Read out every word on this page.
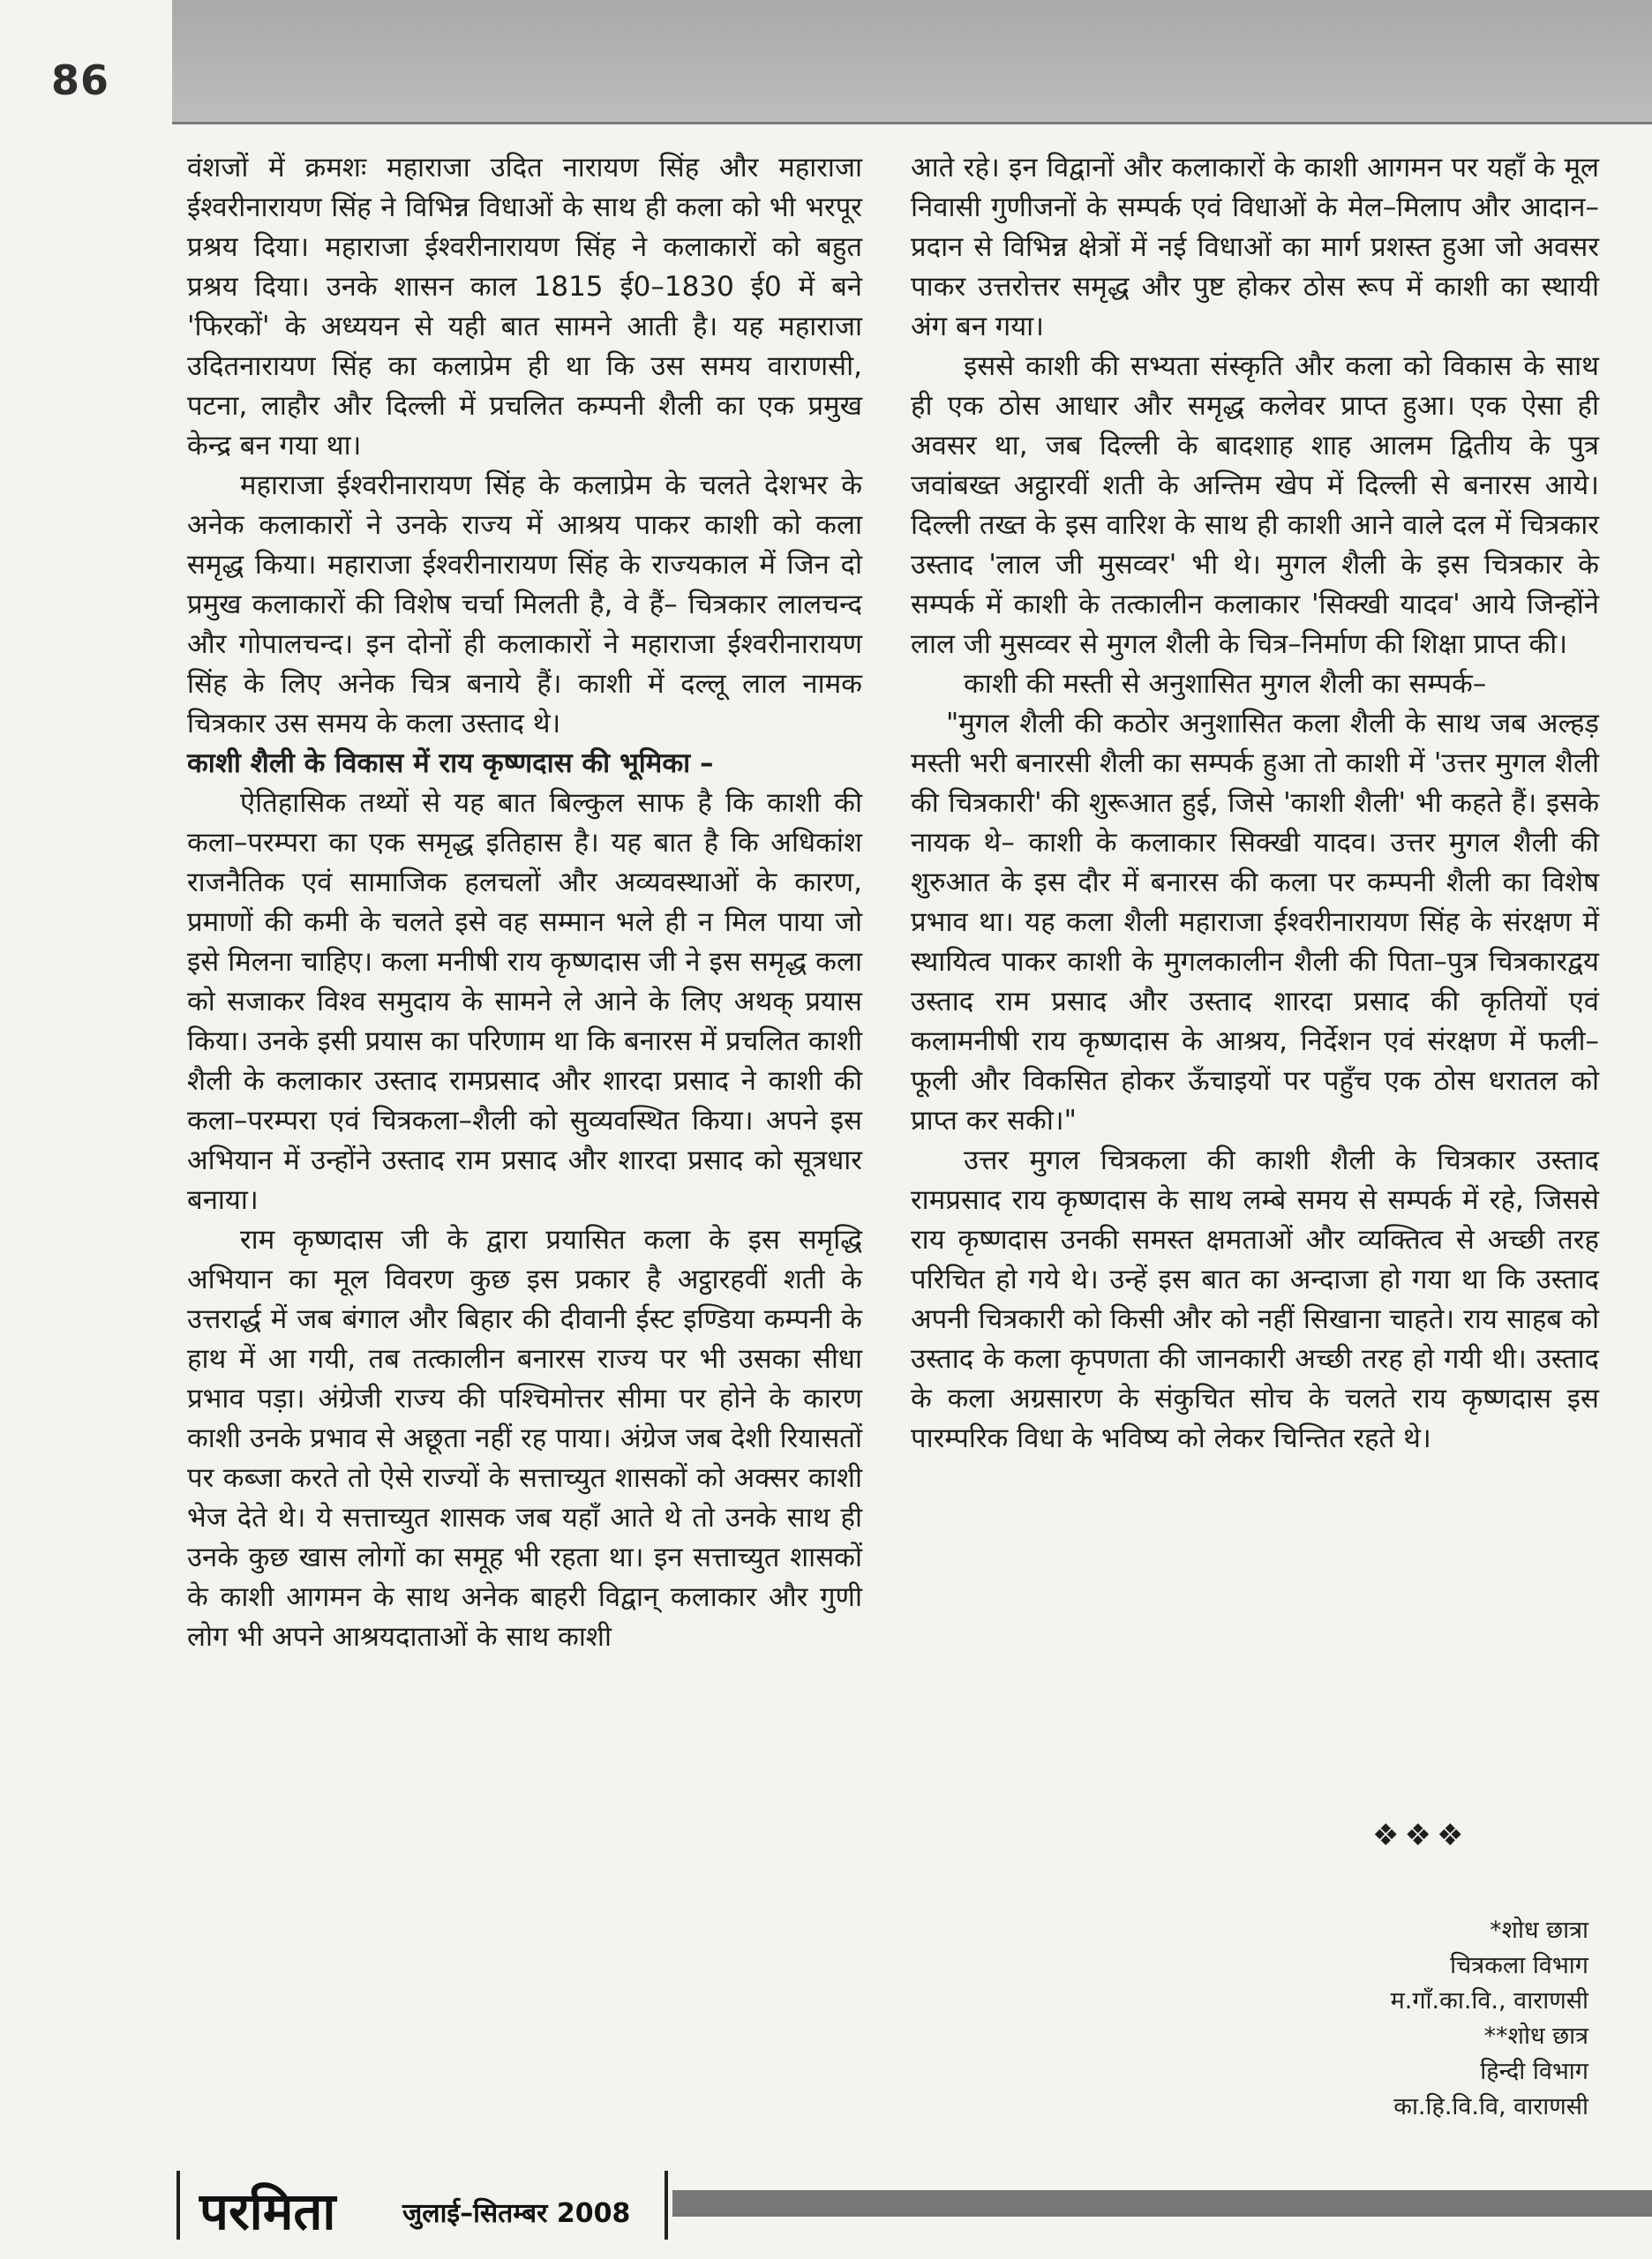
86

वंशजों में क्रमशः महाराजा उदित नारायण सिंह और महाराजा ईश्वरीनारायण सिंह ने विभिन्न विधाओं के साथ ही कला को भी भरपूर प्रश्रय दिया। महाराजा ईश्वरीनारायण सिंह ने कलाकारों को बहुत प्रश्रय दिया। उनके शासन काल 1815 ई0–1830 ई0 में बने 'फिरकों' के अध्ययन से यही बात सामने आती है। यह महाराजा उदितनारायण सिंह का कलाप्रेम ही था कि उस समय वाराणसी, पटना, लाहौर और दिल्ली में प्रचलित कम्पनी शैली का एक प्रमुख केन्द्र बन गया था।

महाराजा ईश्वरीनारायण सिंह के कलाप्रेम के चलते देशभर के अनेक कलाकारों ने उनके राज्य में आश्रय पाकर काशी को कला समृद्ध किया। महाराजा ईश्वरीनारायण सिंह के राज्यकाल में जिन दो प्रमुख कलाकारों की विशेष चर्चा मिलती है, वे हैं– चित्रकार लालचन्द और गोपालचन्द। इन दोनों ही कलाकारों ने महाराजा ईश्वरीनारायण सिंह के लिए अनेक चित्र बनाये हैं। काशी में दल्लू लाल नामक चित्रकार उस समय के कला उस्ताद थे।

काशी शैली के विकास में राय कृष्णदास की भूमिका –

ऐतिहासिक तथ्यों से यह बात बिल्कुल साफ है कि काशी की कला–परम्परा का एक समृद्ध इतिहास है। यह बात है कि अधिकांश राजनैतिक एवं सामाजिक हलचलों और अव्यवस्थाओं के कारण, प्रमाणों की कमी के चलते इसे वह सम्मान भले ही न मिल पाया जो इसे मिलना चाहिए। कला मनीषी राय कृष्णदास जी ने इस समृद्ध कला को सजाकर विश्व समुदाय के सामने ले आने के लिए अथक् प्रयास किया। उनके इसी प्रयास का परिणाम था कि बनारस में प्रचलित काशी शैली के कलाकार उस्ताद रामप्रसाद और शारदा प्रसाद ने काशी की कला–परम्परा एवं चित्रकला–शैली को सुव्यवस्थित किया। अपने इस अभियान में उन्होंने उस्ताद राम प्रसाद और शारदा प्रसाद को सूत्रधार बनाया।

राम कृष्णदास जी के द्वारा प्रयासित कला के इस समृद्धि अभियान का मूल विवरण कुछ इस प्रकार है अट्ठारहवीं शती के उत्तरार्द्ध में जब बंगाल और बिहार की दीवानी ईस्ट इण्डिया कम्पनी के हाथ में आ गयी, तब तत्कालीन बनारस राज्य पर भी उसका सीधा प्रभाव पड़ा। अंग्रेजी राज्य की पश्चिमोत्तर सीमा पर होने के कारण काशी उनके प्रभाव से अछूता नहीं रह पाया। अंग्रेज जब देशी रियासतों पर कब्जा करते तो ऐसे राज्यों के सत्ताच्युत शासकों को अक्सर काशी भेज देते थे। ये सत्ताच्युत शासक जब यहाँ आते थे तो उनके साथ ही उनके कुछ खास लोगों का समूह भी रहता था। इन सत्ताच्युत शासकों के काशी आगमन के साथ अनेक बाहरी विद्वान् कलाकार और गुणी लोग भी अपने आश्रयदाताओं के साथ काशी

आते रहे। इन विद्वानों और कलाकारों के काशी आगमन पर यहाँ के मूल निवासी गुणीजनों के सम्पर्क एवं विधाओं के मेल–मिलाप और आदान–प्रदान से विभिन्न क्षेत्रों में नई विधाओं का मार्ग प्रशस्त हुआ जो अवसर पाकर उत्तरोत्तर समृद्ध और पुष्ट होकर ठोस रूप में काशी का स्थायी अंग बन गया।

इससे काशी की सभ्यता संस्कृति और कला को विकास के साथ ही एक ठोस आधार और समृद्ध कलेवर प्राप्त हुआ। एक ऐसा ही अवसर था, जब दिल्ली के बादशाह शाह आलम द्वितीय के पुत्र जवांबख्त अट्ठारवीं शती के अन्तिम खेप में दिल्ली से बनारस आये। दिल्ली तख्त के इस वारिश के साथ ही काशी आने वाले दल में चित्रकार उस्ताद 'लाल जी मुसव्वर' भी थे। मुगल शैली के इस चित्रकार के सम्पर्क में काशी के तत्कालीन कलाकार 'सिक्खी यादव' आये जिन्होंने लाल जी मुसव्वर से मुगल शैली के चित्र–निर्माण की शिक्षा प्राप्त की।

काशी की मस्ती से अनुशासित मुगल शैली का सम्पर्क–

"मुगल शैली की कठोर अनुशासित कला शैली के साथ जब अल्हड़ मस्ती भरी बनारसी शैली का सम्पर्क हुआ तो काशी में 'उत्तर मुगल शैली की चित्रकारी' की शुरूआत हुई, जिसे 'काशी शैली' भी कहते हैं। इसके नायक थे– काशी के कलाकार सिक्खी यादव। उत्तर मुगल शैली की शुरुआत के इस दौर में बनारस की कला पर कम्पनी शैली का विशेष प्रभाव था। यह कला शैली महाराजा ईश्वरीनारायण सिंह के संरक्षण में स्थायित्व पाकर काशी के मुगलकालीन शैली की पिता–पुत्र चित्रकारद्वय उस्ताद राम प्रसाद और उस्ताद शारदा प्रसाद की कृतियों एवं कलामनीषी राय कृष्णदास के आश्रय, निर्देशन एवं संरक्षण में फली–फूली और विकसित होकर ऊँचाइयों पर पहुँच एक ठोस धरातल को प्राप्त कर सकी।"

उत्तर मुगल चित्रकला की काशी शैली के चित्रकार उस्ताद रामप्रसाद राय कृष्णदास के साथ लम्बे समय से सम्पर्क में रहे, जिससे राय कृष्णदास उनकी समस्त क्षमताओं और व्यक्तित्व से अच्छी तरह परिचित हो गये थे। उन्हें इस बात का अन्दाजा हो गया था कि उस्ताद अपनी चित्रकारी को किसी और को नहीं सिखाना चाहते। राय साहब को उस्ताद के कला कृपणता की जानकारी अच्छी तरह हो गयी थी। उस्ताद के कला अग्रसारण के संकुचित सोच के चलते राय कृष्णदास इस पारम्परिक विधा के भविष्य को लेकर चिन्तित रहते थे।

❖❖❖
*शोध छात्रा
चित्रकला विभाग
म.गाँ.का.वि., वाराणसी
**शोध छात्र
हिन्दी विभाग
का.हि.वि.वि, वाराणसी
परमिता	जुलाई–सितम्बर 2008
